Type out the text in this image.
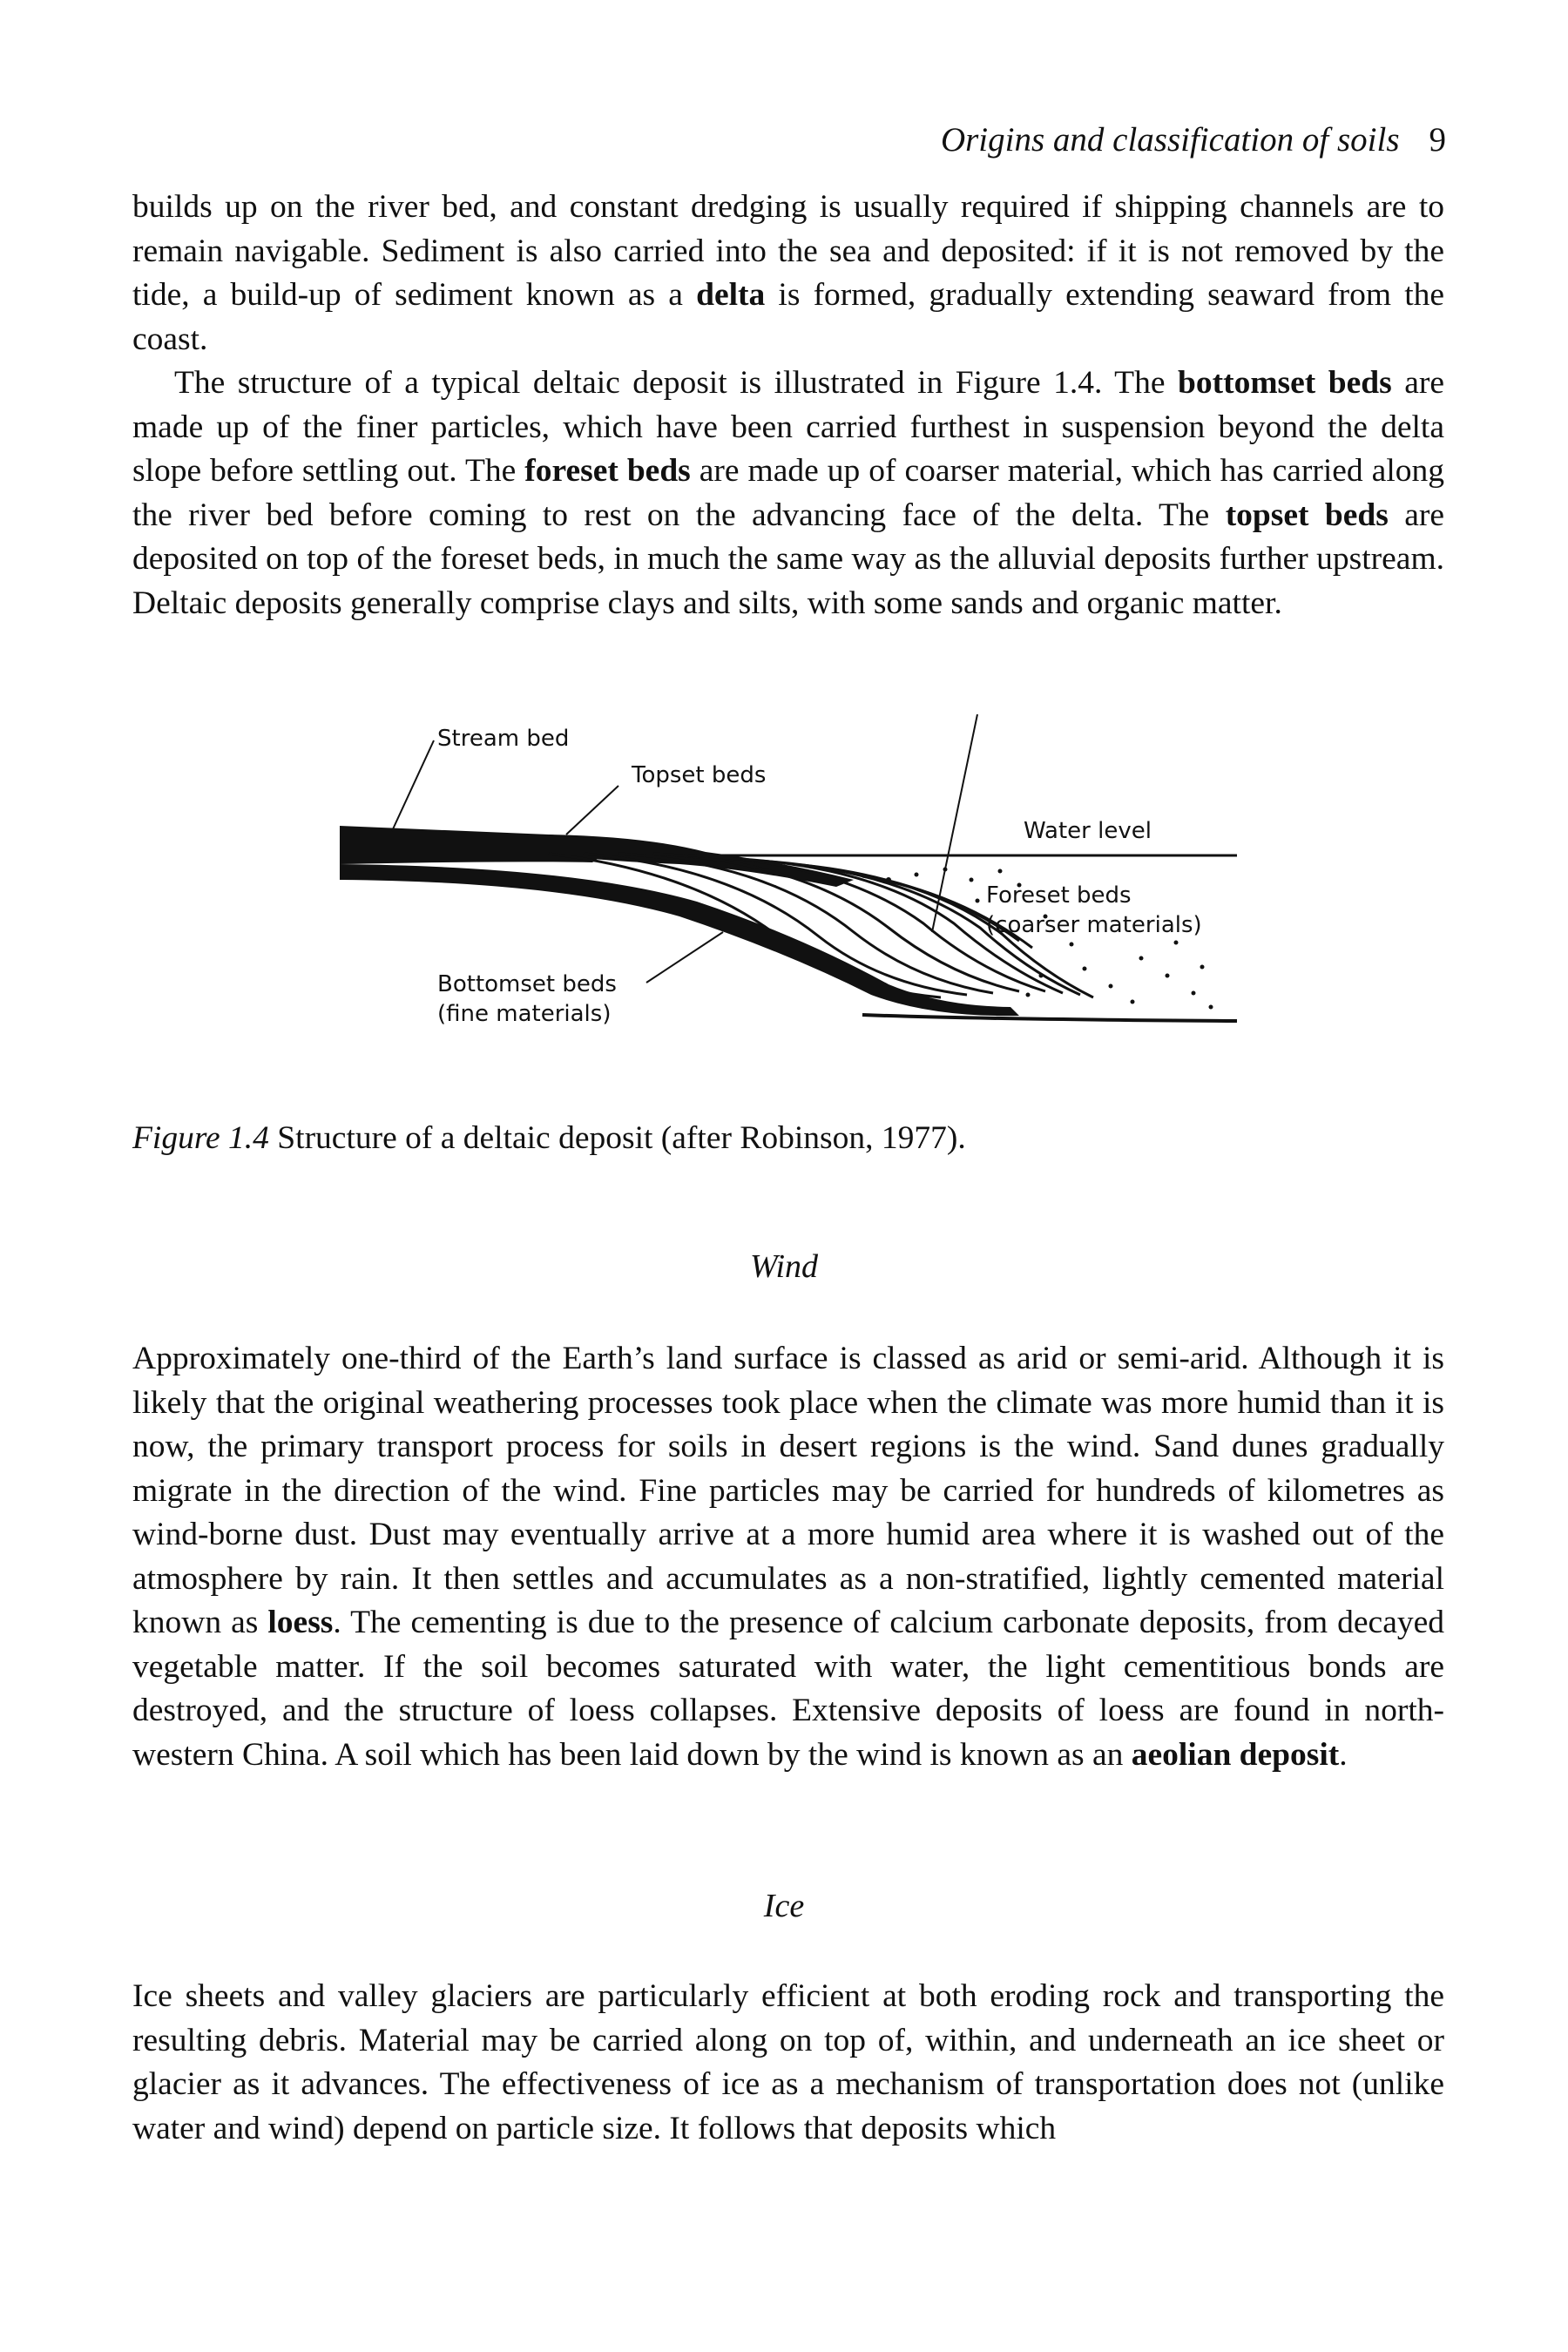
Origins and classification of soils 9

builds up on the river bed, and constant dredging is usually required if shipping channels are to remain navigable. Sediment is also carried into the sea and deposited: if it is not removed by the tide, a build-up of sediment known as a delta is formed, gradually extending seaward from the coast.

The structure of a typical deltaic deposit is illustrated in Figure 1.4. The bottomset beds are made up of the finer particles, which have been carried furthest in suspension beyond the delta slope before settling out. The foreset beds are made up of coarser material, which has carried along the river bed before coming to rest on the advancing face of the delta. The topset beds are deposited on top of the foreset beds, in much the same way as the alluvial deposits further upstream. Deltaic deposits generally comprise clays and silts, with some sands and organic matter.

Stream bed
Topset beds
Water level
Foreset beds
(coarser materials)
Bottomset beds
(fine materials)
Figure 1.4 Structure of a deltaic deposit (after Robinson, 1977).
Wind

Approximately one-third of the Earth’s land surface is classed as arid or semi-arid. Although it is likely that the original weathering processes took place when the climate was more humid than it is now, the primary transport process for soils in desert regions is the wind. Sand dunes gradually migrate in the direction of the wind. Fine particles may be carried for hundreds of kilometres as wind-borne dust. Dust may eventually arrive at a more humid area where it is washed out of the atmosphere by rain. It then settles and accumulates as a non-stratified, lightly cemented material known as loess. The cementing is due to the presence of calcium carbonate deposits, from decayed vegetable matter. If the soil becomes saturated with water, the light cementitious bonds are destroyed, and the structure of loess collapses. Extensive deposits of loess are found in north-western China. A soil which has been laid down by the wind is known as an aeolian deposit.

Ice

Ice sheets and valley glaciers are particularly efficient at both eroding rock and transporting the resulting debris. Material may be carried along on top of, within, and underneath an ice sheet or glacier as it advances. The effectiveness of ice as a mechanism of transportation does not (unlike water and wind) depend on particle size. It follows that deposits which
